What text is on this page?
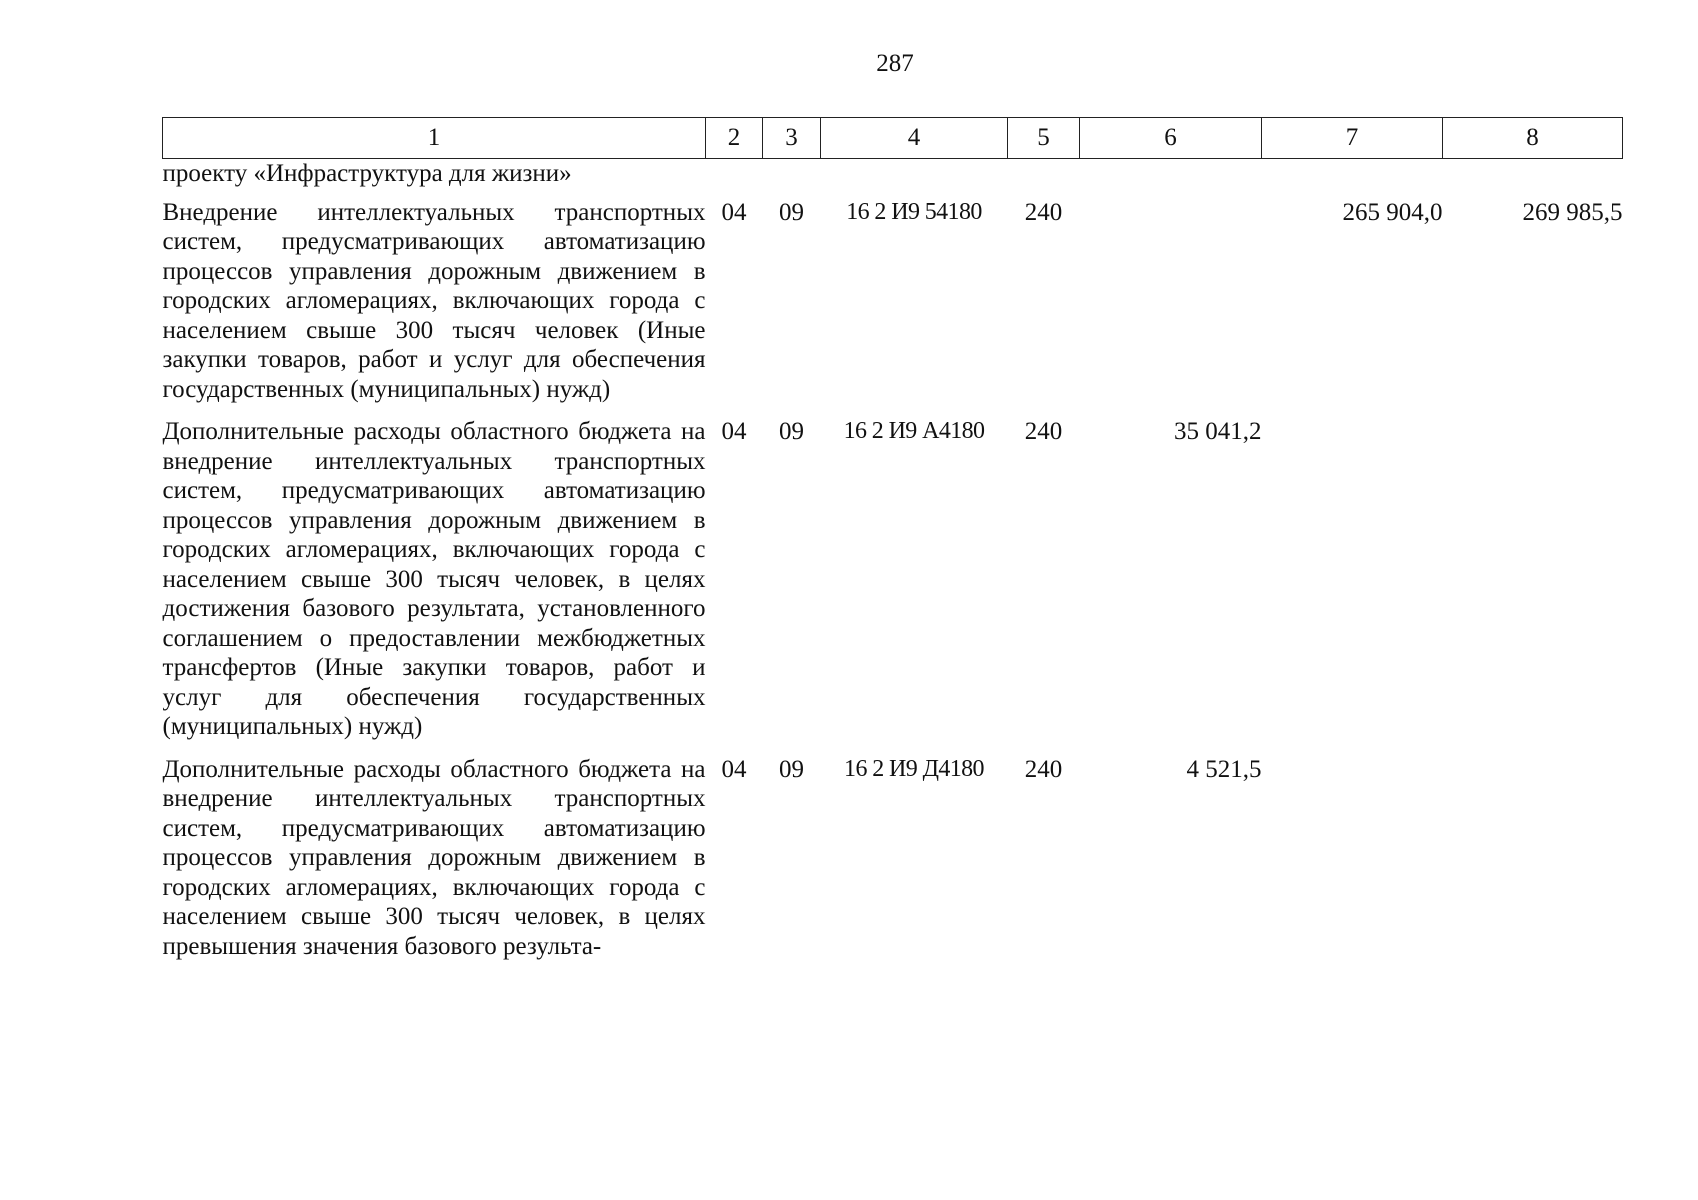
287
1	2	3	4	5	6	7	8
проекту «Инфраструктура для жизни»							
Внедрение интеллектуальных транспортных систем, предусматривающих автоматизацию процессов управления дорожным движением в городских агломерациях, включающих города с населением свыше 300 тысяч человек (Иные закупки товаров, работ и услуг для обеспечения государственных (муниципальных) нужд)	04	09	16 2 И9 54180	240		265 904,0	269 985,5
Дополнительные расходы областного бюджета на внедрение интеллектуальных транспортных систем, предусматривающих автоматизацию процессов управления дорожным движением в городских агломерациях, включающих города с населением свыше 300 тысяч человек, в целях достижения базового результата, установленного соглашением о предоставлении межбюджетных трансфертов (Иные закупки товаров, работ и услуг для обеспечения государственных (муниципальных) нужд)	04	09	16 2 И9 А4180	240	35 041,2		
Дополнительные расходы областного бюджета на внедрение интеллектуальных транспортных систем, предусматривающих автоматизацию процессов управления дорожным движением в городских агломерациях, включающих города с населением свыше 300 тысяч человек, в целях превышения значения базового результа-	04	09	16 2 И9 Д4180	240	4 521,5		
